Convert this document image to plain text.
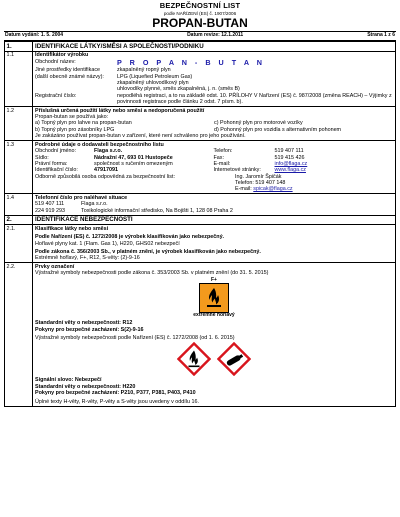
BEZPEČNOSTNÍ LIST
podle NAŘÍZENÍ (ES) č. 1907/2006
PROPAN-BUTAN
Datum vydání: 1. 5. 2004	Datum revize: 12.1.2011	Strana 1 z 6
1.	IDENTIFIKACE LÁTKY/SMĚSI A SPOLEČNOSTI/PODNIKU
1.1	Identifikátor výrobku
Obchodní název:	P R O P A N - B U T A N
Jiné prostředky identifikace
(další obecně známé názvy):
zkapalněný ropný plyn
LPG (Liquefied Petroleum Gas)
zkapalněný uhlovodíkový plyn
uhlovodíky plynné, směs zkapalněná, j. n. (směs B)
Registrační číslo:	nepodléhá registraci, a to na základě odst. 10. PŘÍLOHY V Nařízení (ES) č. 987/2008 (změna REACH) – Výjimky z povinnosti registrace podle článku 2 odst. 7 písm. b).
1.2	Příslušná určená použití látky nebo směsi a nedoporučená použití
Propan-butan se používá jako:
a) Topný plyn pro lahve na propan-butan	c) Pohonný plyn pro motorové vozíky
b) Topný plyn pro zásobníky LPG	d) Pohonný plyn pro vozidla s alternativním pohonem
Je zakázáno používat propan-butan v zařízení, které není schváleno pro jeho používání.
1.3	Podrobné údaje o dodavateli bezpečnostního listu
Obchodní jméno:	Flaga s.r.o.	Telefon:	519 407 111
Sídlo:	Nádražní 47, 693 01 Hustopeče	Fax:	519 415 426
Právní forma:	společnost s ručením omezeným	E-mail:	info@flaga.cz
Identifikační číslo:	47917091	Internetové stránky:	www.flaga.cz
Odborně způsobilá osoba odpovědná za bezpečnostní list:	Ing. Jaromír Špičák
Telefon: 519 407 148
E-mail: spicak@flaga.cz
1.4	Telefonní číslo pro naléhavé situace
519 407 111	Flaga s.r.o.
224 919 293	Toxikologické informační středisko, Na Bojišti 1, 128 08 Praha 2
2.	IDENTIFIKACE NEBEZPEČNOSTI
2.1.	Klasifikace látky nebo směsi
Podle Nařízení (ES) č. 1272/2008 je výrobek klasifikován jako nebezpečný.
Hořlavé plyny kat. 1 (Flam. Gas 1), H220, GHS02 nebezpečí
Podle zákona č. 356/2003 Sb., v platném znění, je výrobek klasifikován jako nebezpečný.
Extrémně hořlavý, F+, R12, S-věty: (2)-9-16
2.2.	Prvky označení
Výstražné symboly nebezpečnosti podle zákona č. 353/2003 Sb. v platném znění (do 31. 5. 2015)
F+
extrémně hořlavý
Standardní věty o nebezpečnosti: R12
Pokyny pro bezpečné zacházení: S(2)-9-16
Výstražné symboly nebezpečnosti podle Nařízení (ES) č. 1272/2008 (od 1. 6. 2015)
Signální slovo: Nebezpečí
Standardní věty o nebezpečnosti: H220
Pokyny pro bezpečné zacházení: P210, P377, P381, P403, P410
Úplné texty H-věty, R-věty, P-věty a S-věty jsou uvedeny v oddílu 16.
